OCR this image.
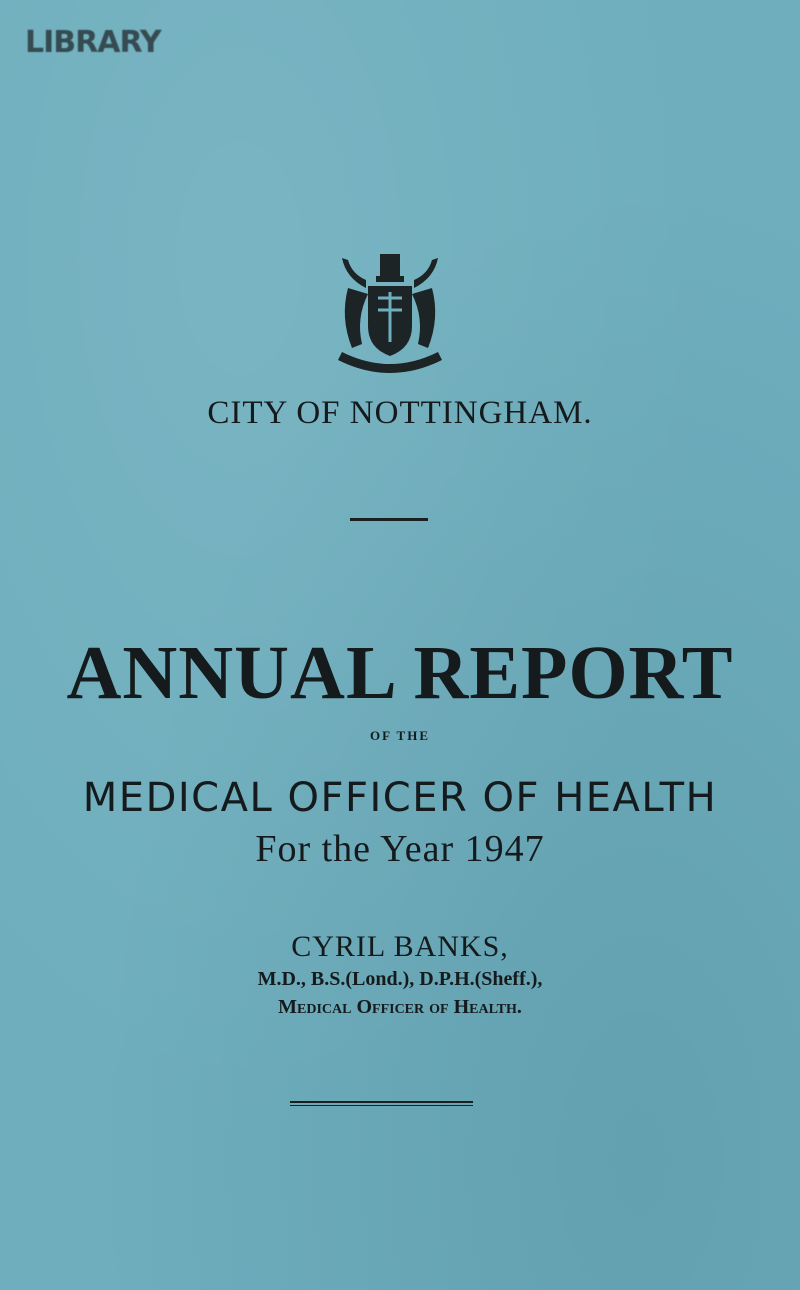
LIBRARY
CITY OF NOTTINGHAM.
ANNUAL REPORT
OF THE
MEDICAL OFFICER OF HEALTH
For the Year 1947
CYRIL BANKS,
M.D., B.S.(Lond.), D.P.H.(Sheff.),
Medical Officer of Health.
